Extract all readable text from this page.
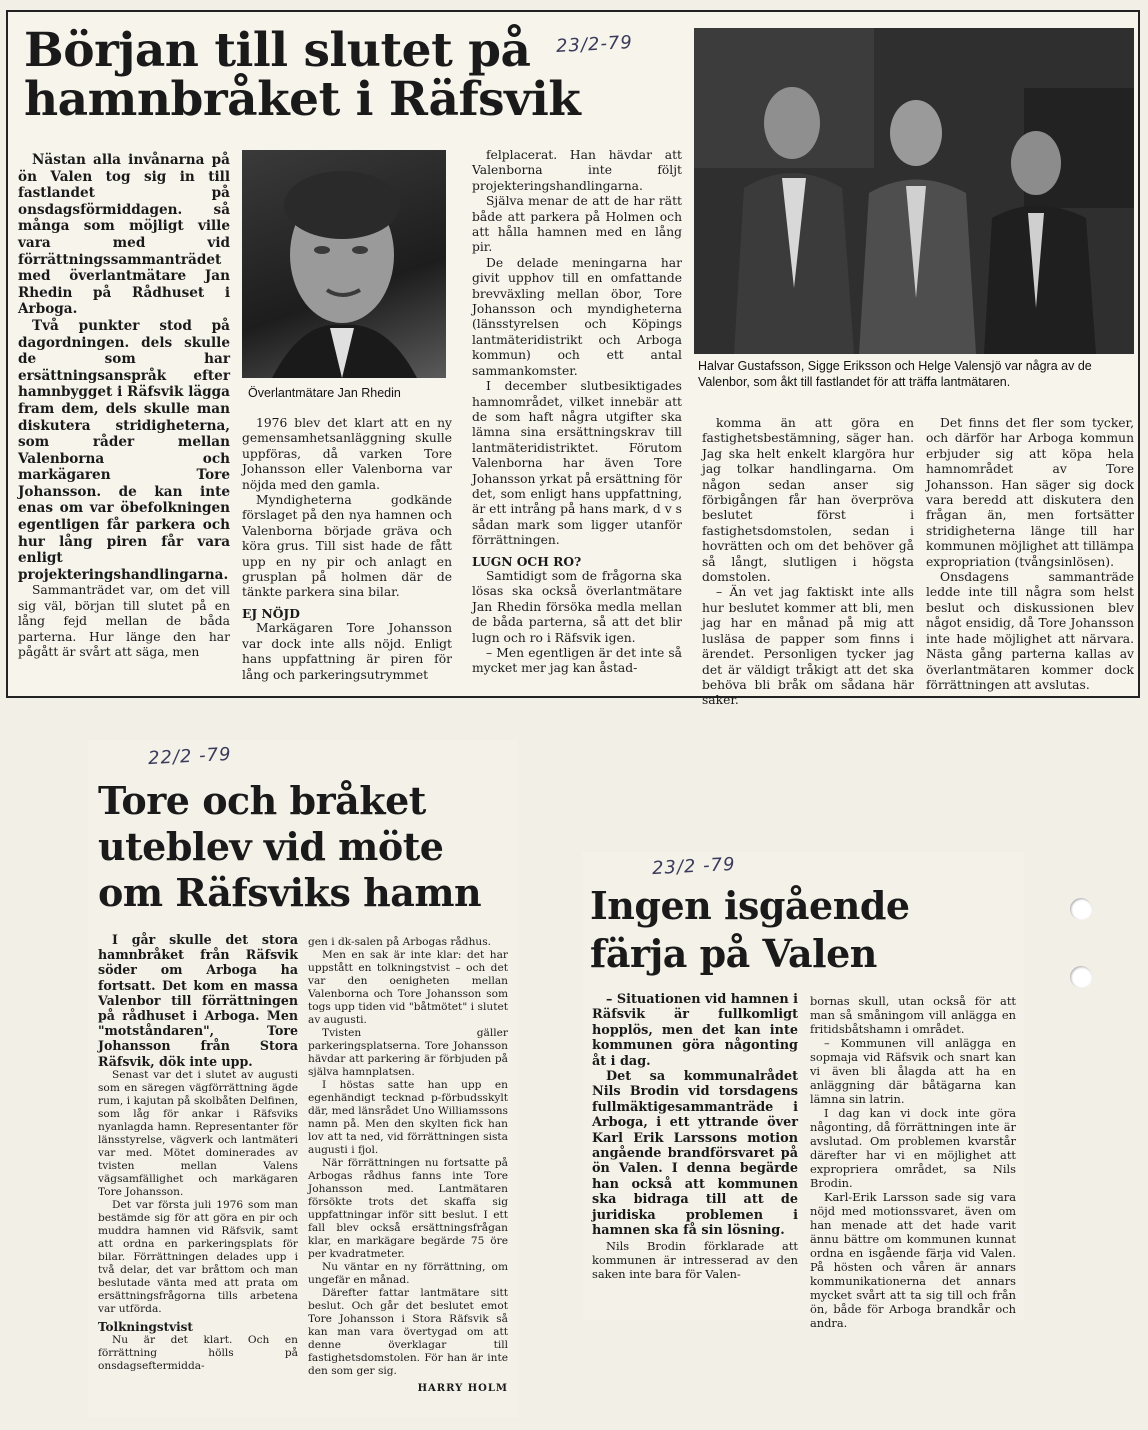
Början till slutet på
hamnbråket i Räfsvik
23/2-79

Nästan alla invånarna på ön Valen tog sig in till fastlandet på onsdagsförmiddagen. så många som möjligt ville vara med vid förrättningssammanträdet med överlantmätare Jan Rhedin på Rådhuset i Arboga.

Två punkter stod på dagordningen. dels skulle de som har ersättningsanspråk efter hamnbygget i Räfsvik lägga fram dem, dels skulle man diskutera stridigheterna, som råder mellan Valenborna och markägaren Tore Johansson. de kan inte enas om var öbefolkningen egentligen får parkera och hur lång piren får vara enligt projekteringshandlingarna.

Sammanträdet var, om det vill sig väl, början till slutet på en lång fejd mellan de båda parterna. Hur länge den har pågått är svårt att säga, men

Överlantmätare Jan Rhedin

1976 blev det klart att en ny gemensamhetsanläggning skulle uppföras, då varken Tore Johansson eller Valenborna var nöjda med den gamla.

Myndigheterna godkände förslaget på den nya hamnen och Valenborna började gräva och köra grus. Till sist hade de fått upp en ny pir och anlagt en grusplan på holmen där de tänkte parkera sina bilar.

EJ NÖJD

Markägaren Tore Johansson var dock inte alls nöjd. Enligt hans uppfattning är piren för lång och parkeringsutrymmet

felplacerat. Han hävdar att Valenborna inte följt projekteringshandlingarna.

Själva menar de att de har rätt både att parkera på Holmen och att hålla hamnen med en lång pir.

De delade meningarna har givit upphov till en omfattande brevväxling mellan öbor, Tore Johansson och myndigheterna (länsstyrelsen och Köpings lantmäteridistrikt och Arboga kommun) och ett antal sammankomster.

I december slutbesiktigades hamnområdet, vilket innebär att de som haft några utgifter ska lämna sina ersättningskrav till lantmäteridistriktet. Förutom Valenborna har även Tore Johansson yrkat på ersättning för det, som enligt hans uppfattning, är ett intrång på hans mark, d v s sådan mark som ligger utanför förrättningen.

LUGN OCH RO?

Samtidigt som de frågorna ska lösas ska också överlantmätare Jan Rhedin försöka medla mellan de båda parterna, så att det blir lugn och ro i Räfsvik igen.

– Men egentligen är det inte så mycket mer jag kan åstad-

Halvar Gustafsson, Sigge Eriksson och Helge Valensjö var några av de Valenbor, som åkt till fastlandet för att träffa lantmätaren.

komma än att göra en fastighetsbestämning, säger han. Jag ska helt enkelt klargöra hur jag tolkar handlingarna. Om någon sedan anser sig förbigången får han överpröva beslutet först i fastighetsdomstolen, sedan i hovrätten och om det behöver gå så långt, slutligen i högsta domstolen.

– Än vet jag faktiskt inte alls hur beslutet kommer att bli, men jag har en månad på mig att lusläsa de papper som finns i ärendet. Personligen tycker jag det är väldigt tråkigt att det ska behöva bli bråk om sådana här saker.

Det finns det fler som tycker, och därför har Arboga kommun erbjuder sig att köpa hela hamnområdet av Tore Johansson. Han säger sig dock vara beredd att diskutera den frågan än, men fortsätter stridigheterna länge till har kommunen möjlighet att tillämpa expropriation (tvångsinlösen).

Onsdagens sammanträde ledde inte till några som helst beslut och diskussionen blev något ensidig, då Tore Johansson inte hade möjlighet att närvara. Nästa gång parterna kallas av överlantmätaren kommer dock förrättningen att avslutas.

22/2 -79
Tore och bråket
uteblev vid möte
om Räfsviks hamn

I går skulle det stora hamnbråket från Räfsvik söder om Arboga ha fortsatt. Det kom en massa Valenbor till förrättningen på rådhuset i Arboga. Men "motståndaren", Tore Johansson från Stora Räfsvik, dök inte upp.

Senast var det i slutet av augusti som en säregen vägförrättning ägde rum, i kajutan på skolbåten Delfinen, som låg för ankar i Räfsviks nyanlagda hamn. Representanter för länsstyrelse, vägverk och lantmäteri var med. Mötet dominerades av tvisten mellan Valens vägsamfällighet och markägaren Tore Johansson.

Det var första juli 1976 som man bestämde sig för att göra en pir och muddra hamnen vid Räfsvik, samt att ordna en parkeringsplats för bilar. Förrättningen delades upp i två delar, det var bråttom och man beslutade vänta med att prata om ersättningsfrågorna tills arbetena var utförda.

Tolkningstvist

Nu är det klart. Och en förrättning hölls på onsdagseftermidda-

gen i dk-salen på Arbogas rådhus.

Men en sak är inte klar: det har uppstått en tolkningstvist – och det var den oenigheten mellan Valenborna och Tore Johansson som togs upp tiden vid "båtmötet" i slutet av augusti.

Tvisten gäller parkeringsplatserna. Tore Johansson hävdar att parkering är förbjuden på själva hamnplatsen.

I höstas satte han upp en egenhändigt tecknad p-förbudsskylt där, med länsrådet Uno Williamssons namn på. Men den skylten fick han lov att ta ned, vid förrättningen sista augusti i fjol.

När förrättningen nu fortsatte på Arbogas rådhus fanns inte Tore Johansson med. Lantmätaren försökte trots det skaffa sig uppfattningar inför sitt beslut. I ett fall blev också ersättningsfrågan klar, en markägare begärde 75 öre per kvadratmeter.

Nu väntar en ny förrättning, om ungefär en månad.

Därefter fattar lantmätare sitt beslut. Och går det beslutet emot Tore Johansson i Stora Räfsvik så kan man vara övertygad om att denne överklagar till fastighetsdomstolen. För han är inte den som ger sig.

HARRY HOLM

23/2 -79
Ingen isgående
färja på Valen

– Situationen vid hamnen i Räfsvik är fullkomligt hopplös, men det kan inte kommunen göra någonting åt i dag.

Det sa kommunalrådet Nils Brodin vid torsdagens fullmäktigesammanträde i Arboga, i ett yttrande över Karl Erik Larssons motion angående brandförsvaret på ön Valen. I denna begärde han också att kommunen ska bidraga till att de juridiska problemen i hamnen ska få sin lösning.

Nils Brodin förklarade att kommunen är intresserad av den saken inte bara för Valen-

bornas skull, utan också för att man så småningom vill anlägga en fritidsbåtshamn i området.

– Kommunen vill anlägga en sopmaja vid Räfsvik och snart kan vi även bli ålagda att ha en anläggning där båtägarna kan lämna sin latrin.

I dag kan vi dock inte göra någonting, då förrättningen inte är avslutad. Om problemen kvarstår därefter har vi en möjlighet att expropriera området, sa Nils Brodin.

Karl-Erik Larsson sade sig vara nöjd med motionssvaret, även om han menade att det hade varit ännu bättre om kommunen kunnat ordna en isgående färja vid Valen. På hösten och våren är annars kommunikationerna det annars mycket svårt att ta sig till och från ön, både för Arboga brandkår och andra.
